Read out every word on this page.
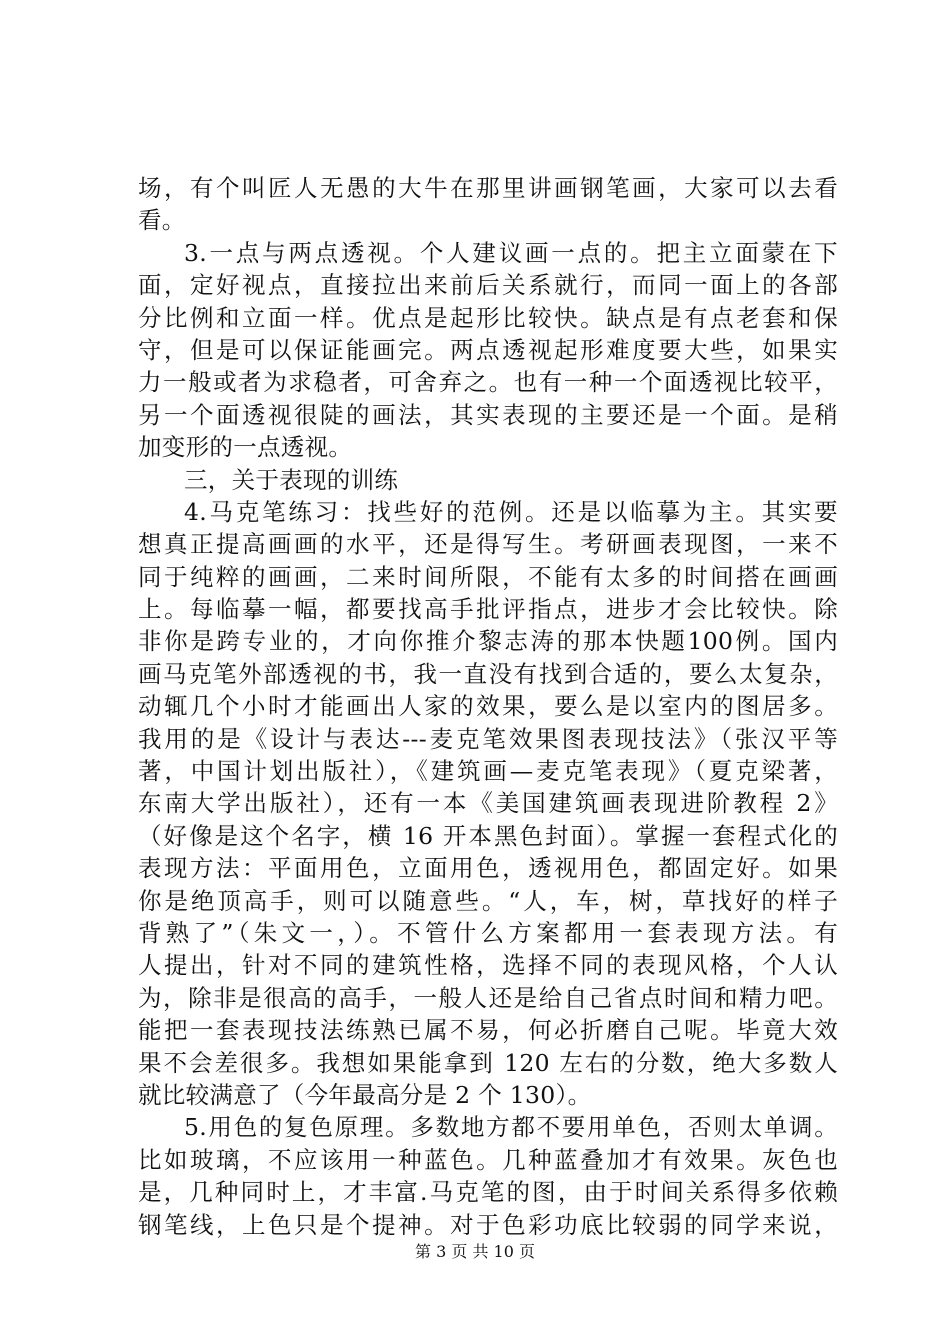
场，有个叫匠人无愚的大牛在那里讲画钢笔画，大家可以去看
看。
3.一点与两点透视。个人建议画一点的。把主立面蒙在下
面，定好视点，直接拉出来前后关系就行，而同一面上的各部
分比例和立面一样。优点是起形比较快。缺点是有点老套和保
守，但是可以保证能画完。两点透视起形难度要大些，如果实
力一般或者为求稳者，可舍弃之。也有一种一个面透视比较平，
另一个面透视很陡的画法，其实表现的主要还是一个面。是稍
加变形的一点透视。
三，关于表现的训练
4.马克笔练习：找些好的范例。还是以临摹为主。其实要
想真正提高画画的水平，还是得写生。考研画表现图，一来不
同于纯粹的画画，二来时间所限，不能有太多的时间搭在画画
上。每临摹一幅，都要找高手批评指点，进步才会比较快。除
非你是跨专业的，才向你推介黎志涛的那本快题100例。国内
画马克笔外部透视的书，我一直没有找到合适的，要么太复杂，
动辄几个小时才能画出人家的效果，要么是以室内的图居多。
我用的是《设计与表达---麦克笔效果图表现技法》（张汉平等
著，中国计划出版社），《建筑画—麦克笔表现》（夏克梁著，
东南大学出版社），还有一本《美国建筑画表现进阶教程 2》
（好像是这个名字，横 16 开本黑色封面）。掌握一套程式化的
表现方法：平面用色，立面用色，透视用色，都固定好。如果
你是绝顶高手，则可以随意些。“人，车，树，草找好的样子
背熟了”（朱文一，）。不管什么方案都用一套表现方法。有
人提出，针对不同的建筑性格，选择不同的表现风格，个人认
为，除非是很高的高手，一般人还是给自己省点时间和精力吧。
能把一套表现技法练熟已属不易，何必折磨自己呢。毕竟大效
果不会差很多。我想如果能拿到 120 左右的分数，绝大多数人
就比较满意了（今年最高分是 2 个 130）。
5.用色的复色原理。多数地方都不要用单色，否则太单调。
比如玻璃，不应该用一种蓝色。几种蓝叠加才有效果。灰色也
是，几种同时上，才丰富.马克笔的图，由于时间关系得多依赖
钢笔线，上色只是个提神。对于色彩功底比较弱的同学来说，
第 3 页 共 10 页
